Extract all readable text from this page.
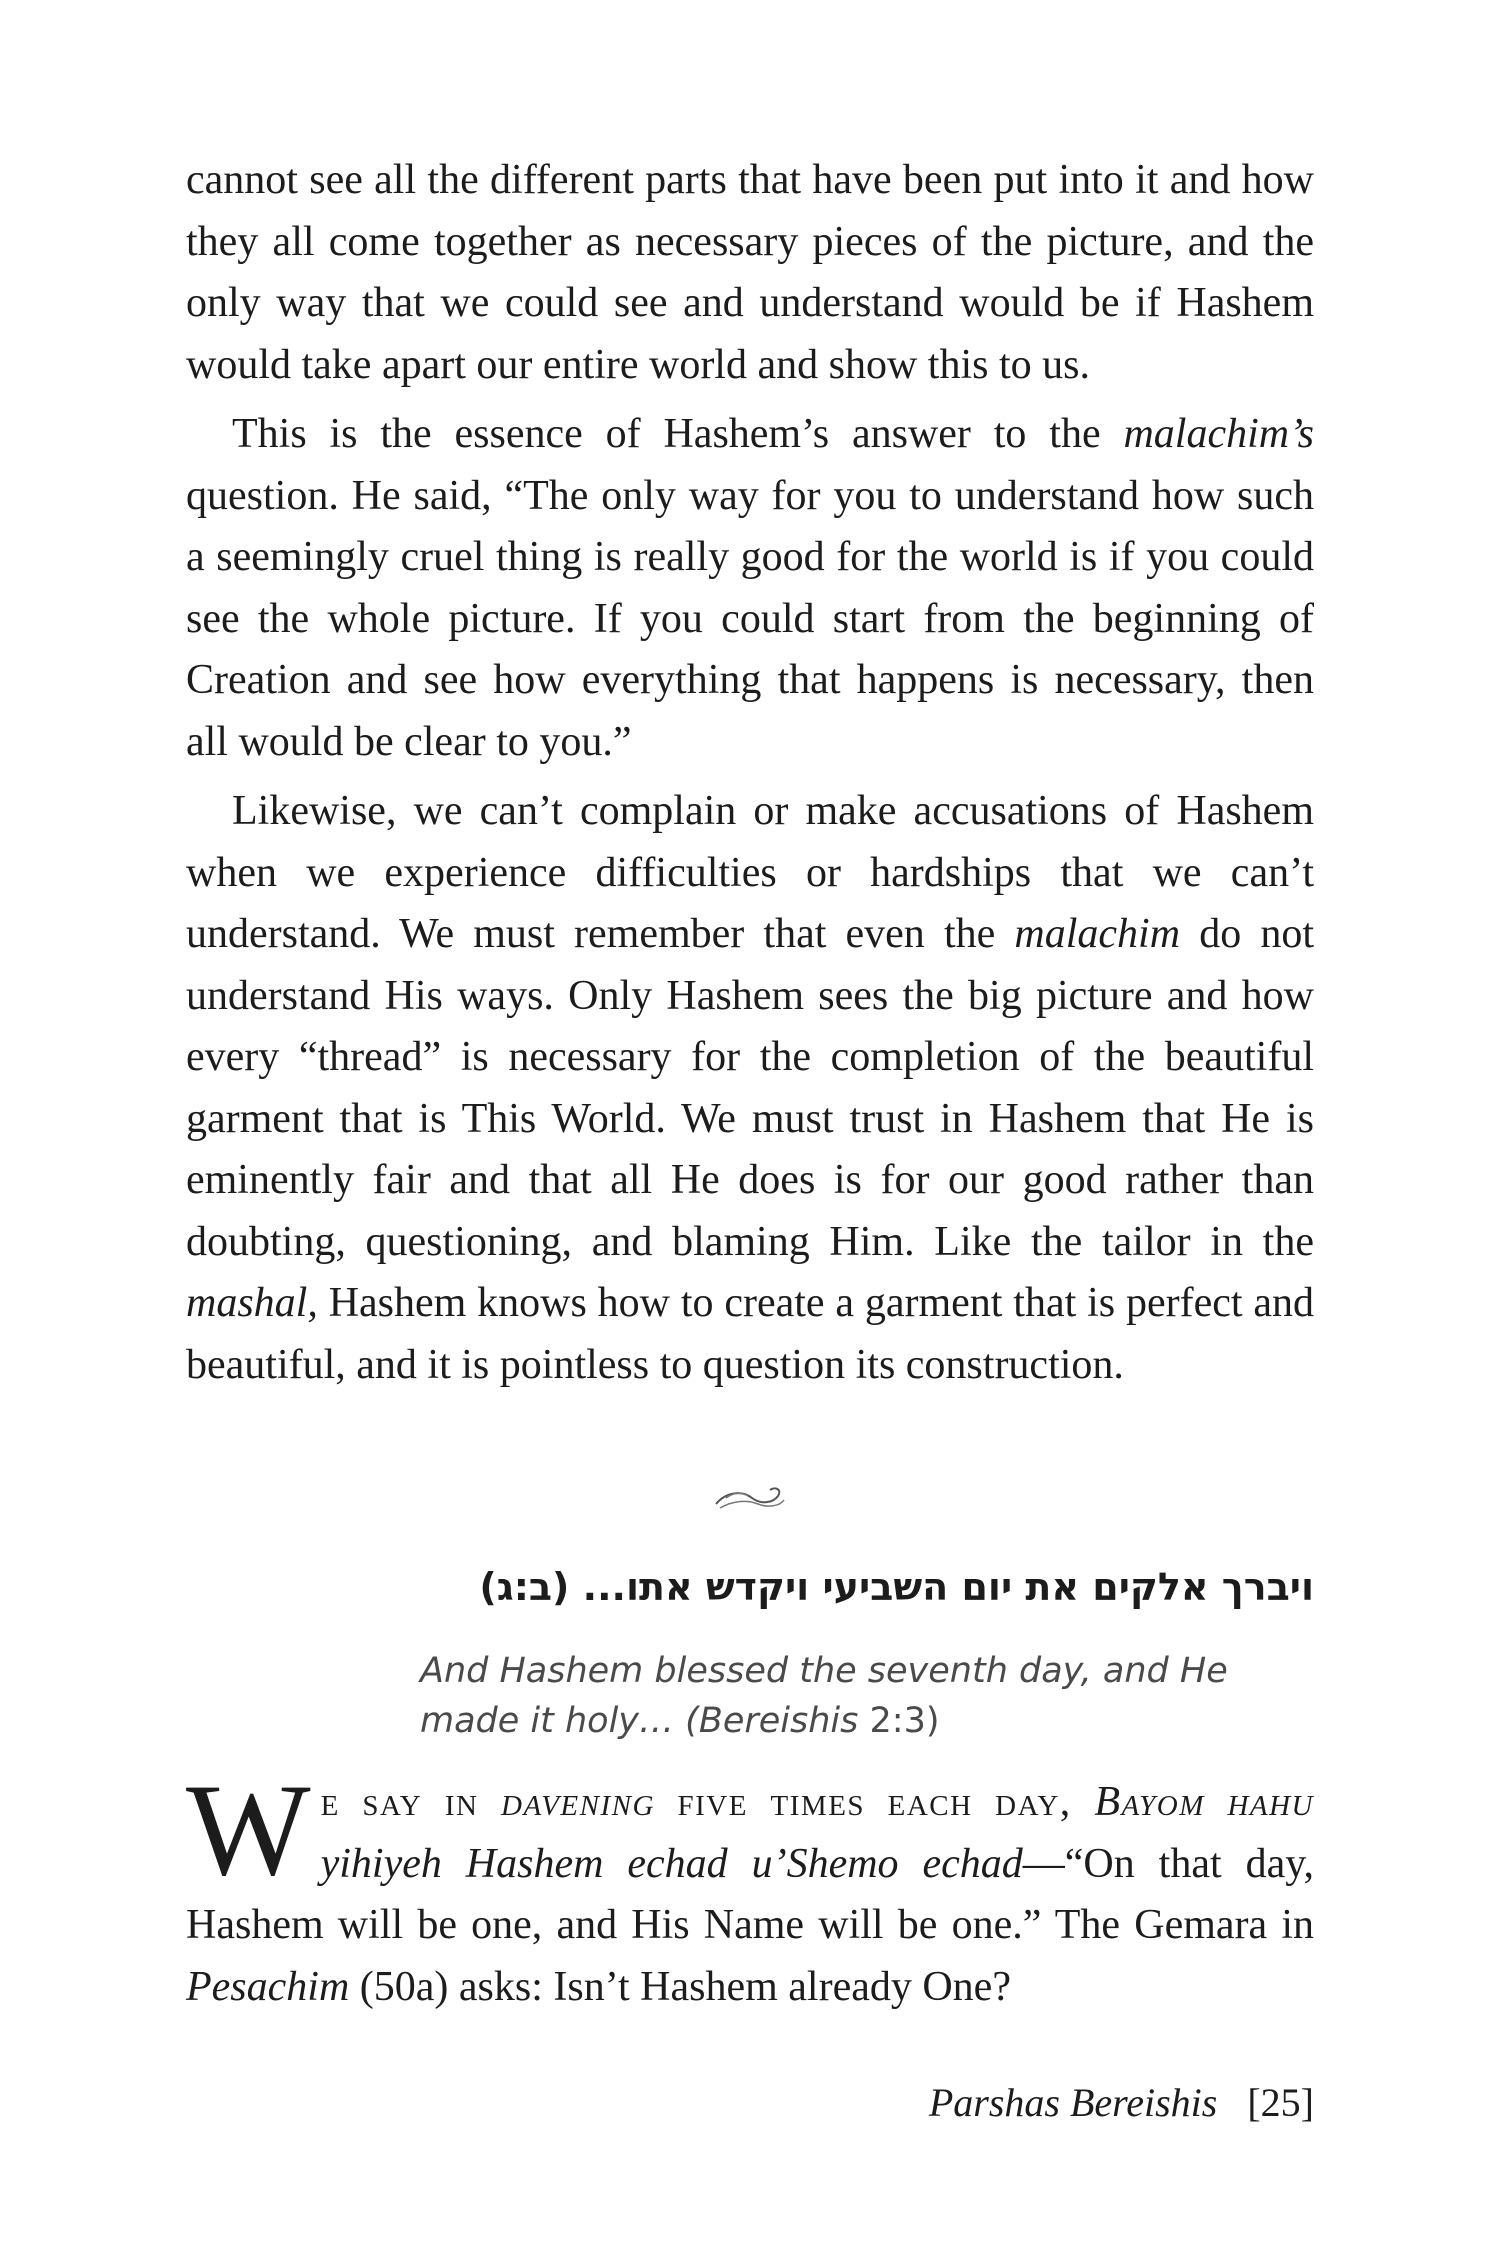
cannot see all the different parts that have been put into it and how they all come together as necessary pieces of the picture, and the only way that we could see and understand would be if Hashem would take apart our entire world and show this to us.

This is the essence of Hashem’s answer to the malachim’s question. He said, “The only way for you to understand how such a seemingly cruel thing is really good for the world is if you could see the whole picture. If you could start from the beginning of Creation and see how everything that happens is necessary, then all would be clear to you.”

Likewise, we can’t complain or make accusations of Hashem when we experience difficulties or hardships that we can’t understand. We must remember that even the malachim do not understand His ways. Only Hashem sees the big picture and how every “thread” is necessary for the completion of the beautiful garment that is This World. We must trust in Hashem that He is eminently fair and that all He does is for our good rather than doubting, questioning, and blaming Him. Like the tailor in the mashal, Hashem knows how to create a garment that is perfect and beautiful, and it is pointless to question its construction.

ויברך אלקים את יום השביעי ויקדש אתו... (ב:ג)
And Hashem blessed the seventh day, and He made it holy… (Bereishis 2:3)
We say in davening five times each day, Bayom hahu yihiyeh Hashem echad u’Shemo echad—“On that day, Hashem will be one, and His Name will be one.” The Gemara in Pesachim (50a) asks: Isn’t Hashem already One?
Parshas Bereishis [25]
